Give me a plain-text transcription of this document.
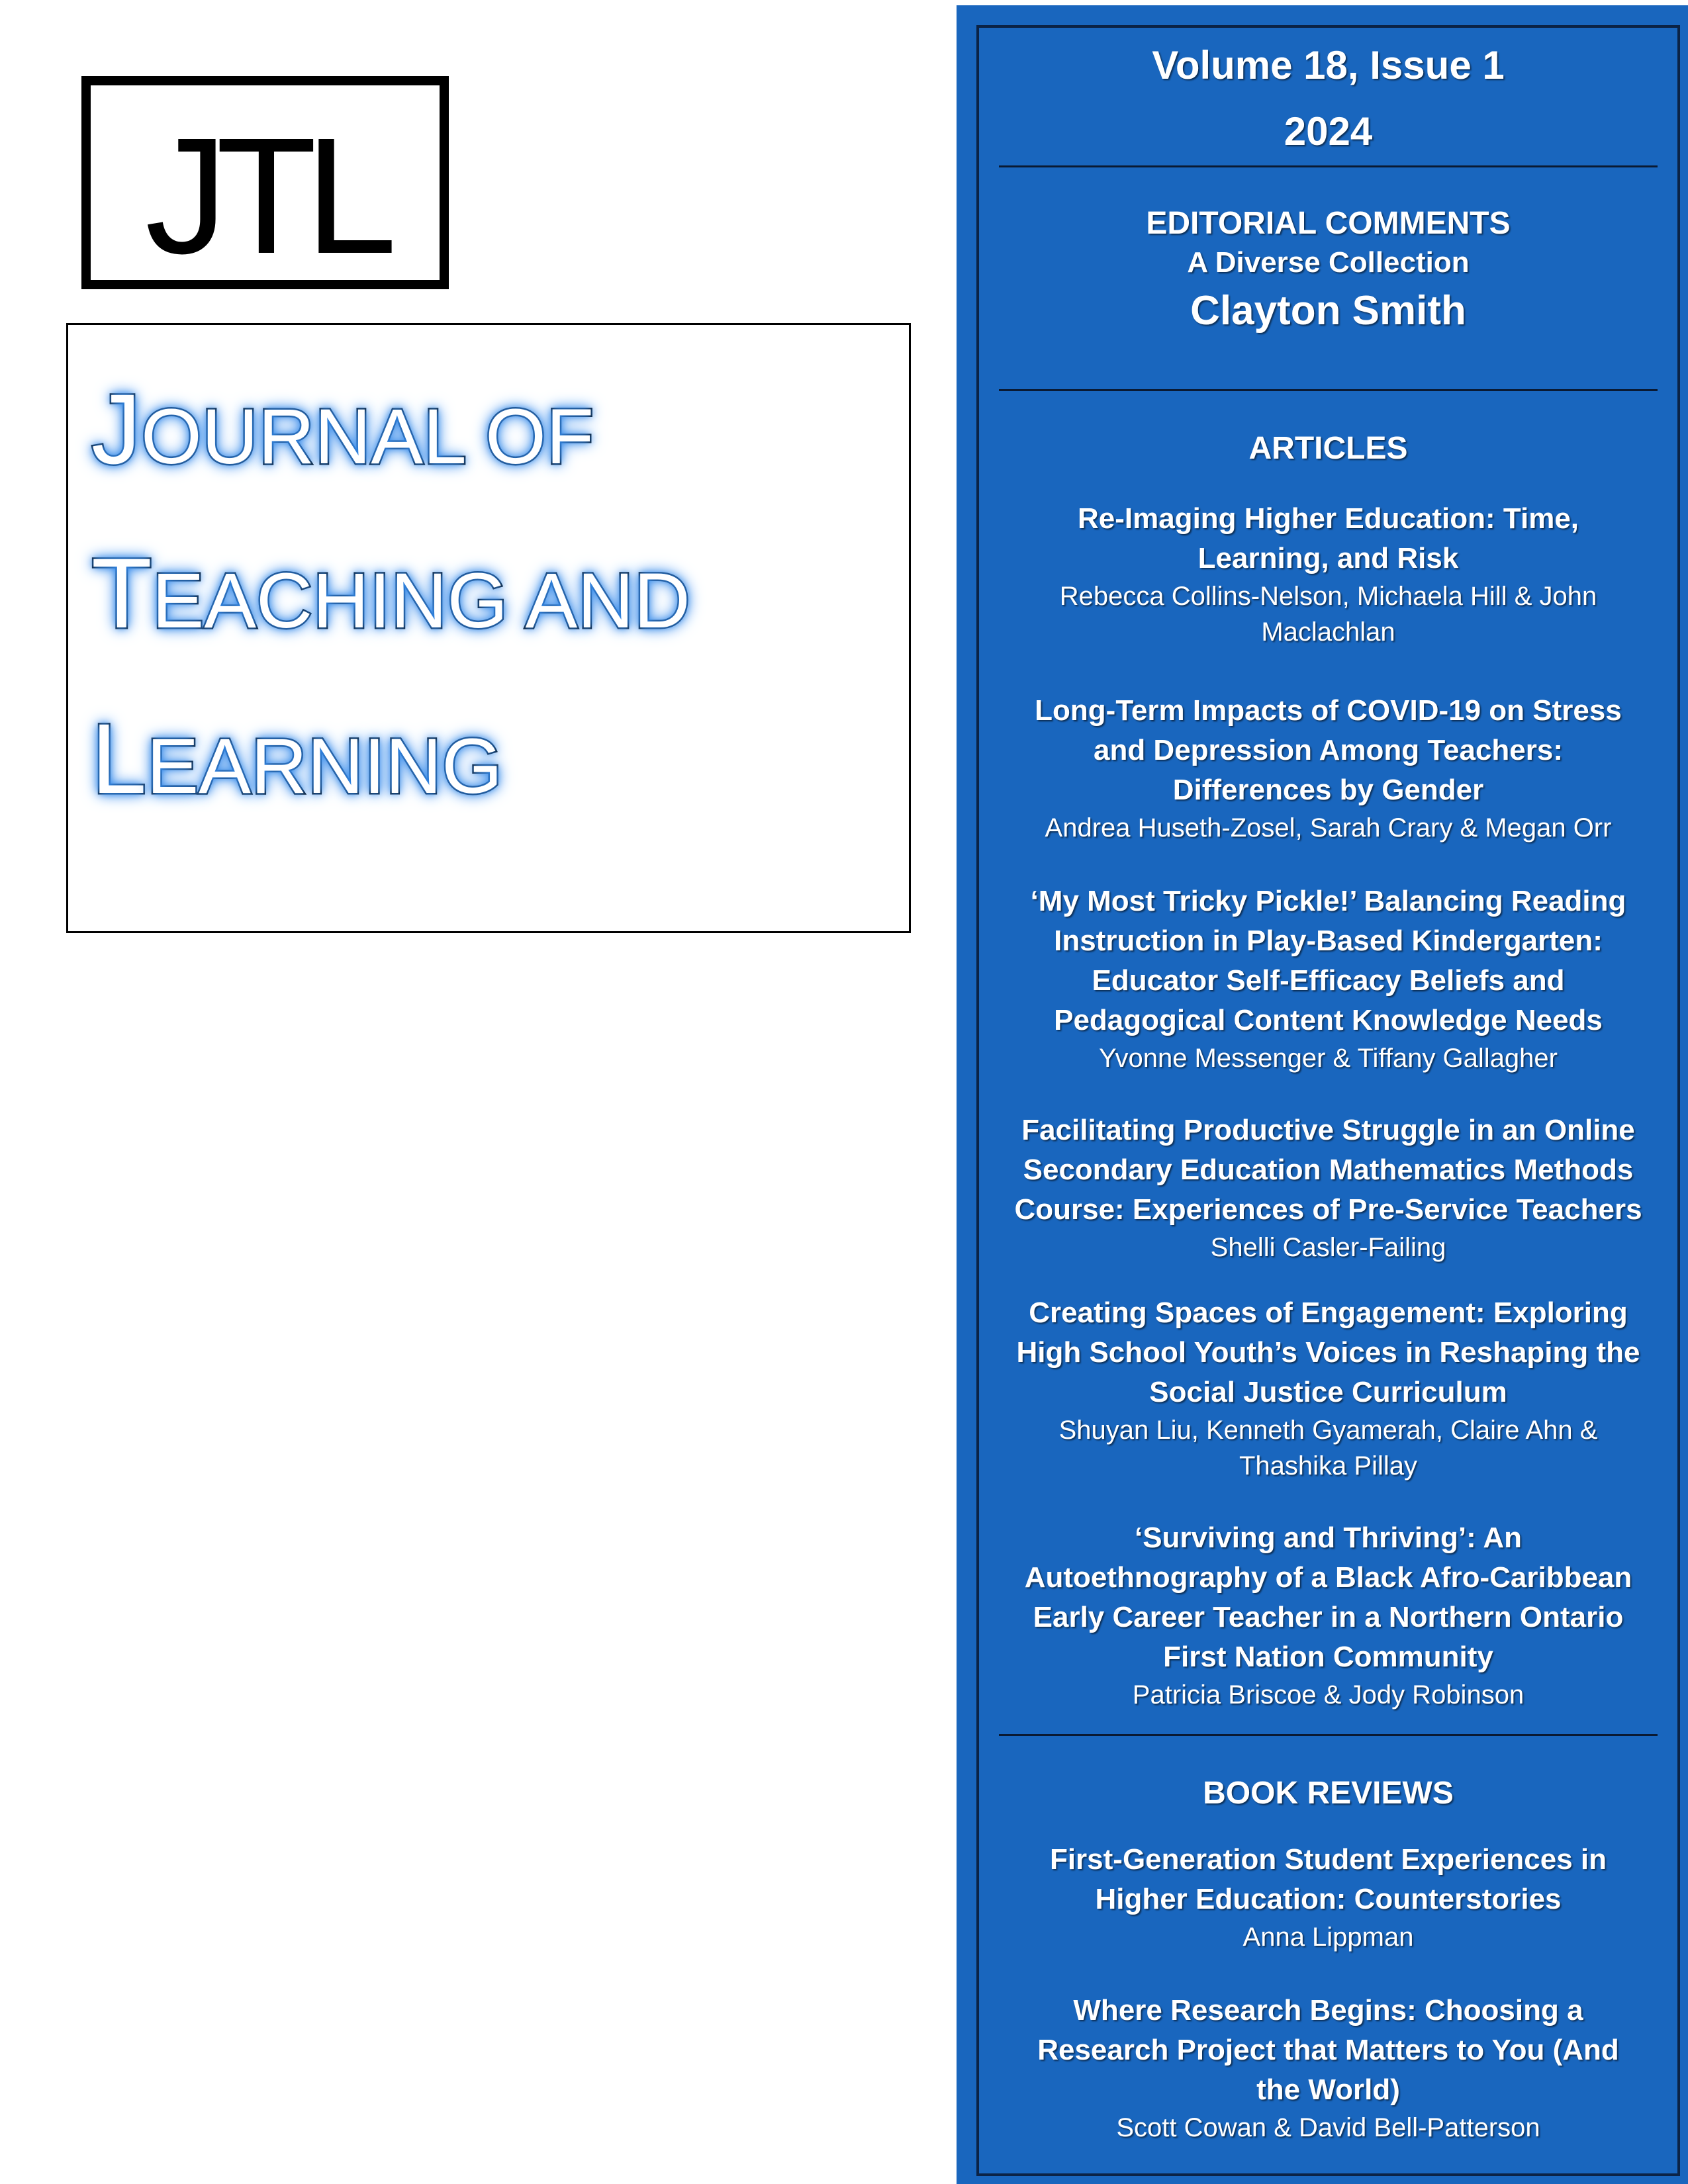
JTL
JOURNAL OF
TEACHING AND
LEARNING
Volume 18, Issue 1
2024
EDITORIAL COMMENTS
A Diverse Collection
Clayton Smith
ARTICLES
Re-Imaging Higher Education: Time,
Learning, and Risk
Rebecca Collins-Nelson, Michaela Hill & John
Maclachlan
Long-Term Impacts of COVID-19 on Stress
and Depression Among Teachers:
Differences by Gender
Andrea Huseth-Zosel, Sarah Crary & Megan Orr
‘My Most Tricky Pickle!’ Balancing Reading
Instruction in Play-Based Kindergarten:
Educator Self-Efficacy Beliefs and
Pedagogical Content Knowledge Needs
Yvonne Messenger & Tiffany Gallagher
Facilitating Productive Struggle in an Online
Secondary Education Mathematics Methods
Course: Experiences of Pre-Service Teachers
Shelli Casler-Failing
Creating Spaces of Engagement: Exploring
High School Youth’s Voices in Reshaping the
Social Justice Curriculum
Shuyan Liu, Kenneth Gyamerah, Claire Ahn &
Thashika Pillay
‘Surviving and Thriving’: An
Autoethnography of a Black Afro-Caribbean
Early Career Teacher in a Northern Ontario
First Nation Community
Patricia Briscoe & Jody Robinson
BOOK REVIEWS
First-Generation Student Experiences in
Higher Education: Counterstories
Anna Lippman
Where Research Begins: Choosing a
Research Project that Matters to You (And
the World)
Scott Cowan & David Bell-Patterson
